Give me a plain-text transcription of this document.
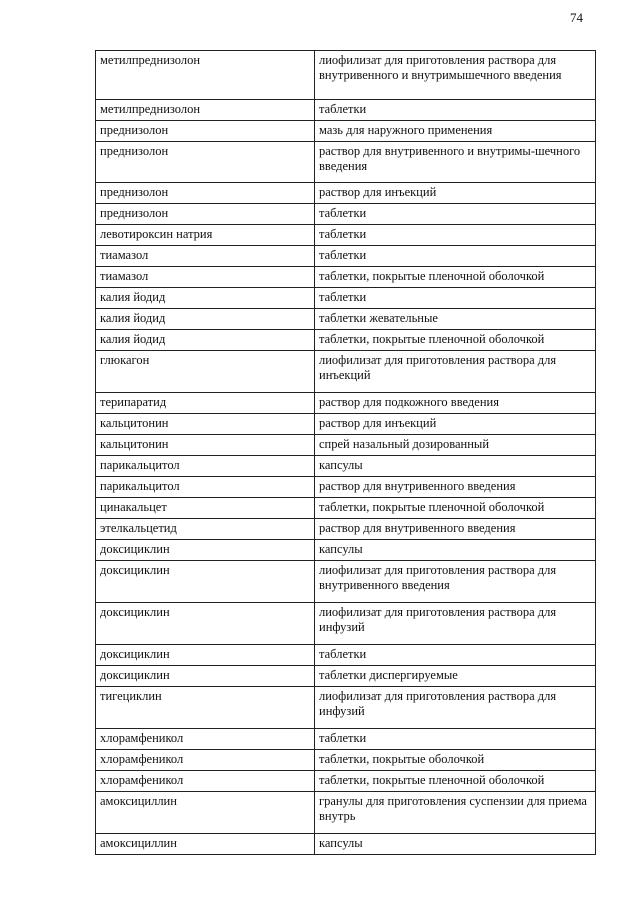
74
метилпреднизолон	лиофилизат для приготовления раствора для внутривенного и внутримышечного введения
метилпреднизолон	таблетки
преднизолон	мазь для наружного применения
преднизолон	раствор для внутривенного и внутримы-шечного введения
преднизолон	раствор для инъекций
преднизолон	таблетки
левотироксин натрия	таблетки
тиамазол	таблетки
тиамазол	таблетки, покрытые пленочной оболочкой
калия йодид	таблетки
калия йодид	таблетки жевательные
калия йодид	таблетки, покрытые пленочной оболочкой
глюкагон	лиофилизат для приготовления раствора для инъекций
терипаратид	раствор для подкожного введения
кальцитонин	раствор для инъекций
кальцитонин	спрей назальный дозированный
парикальцитол	капсулы
парикальцитол	раствор для внутривенного введения
цинакальцет	таблетки, покрытые пленочной оболочкой
этелкальцетид	раствор для внутривенного введения
доксициклин	капсулы
доксициклин	лиофилизат для приготовления раствора для внутривенного введения
доксициклин	лиофилизат для приготовления раствора для инфузий
доксициклин	таблетки
доксициклин	таблетки диспергируемые
тигециклин	лиофилизат для приготовления раствора для инфузий
хлорамфеникол	таблетки
хлорамфеникол	таблетки, покрытые оболочкой
хлорамфеникол	таблетки, покрытые пленочной оболочкой
амоксициллин	гранулы для приготовления суспензии для приема внутрь
амоксициллин	капсулы
